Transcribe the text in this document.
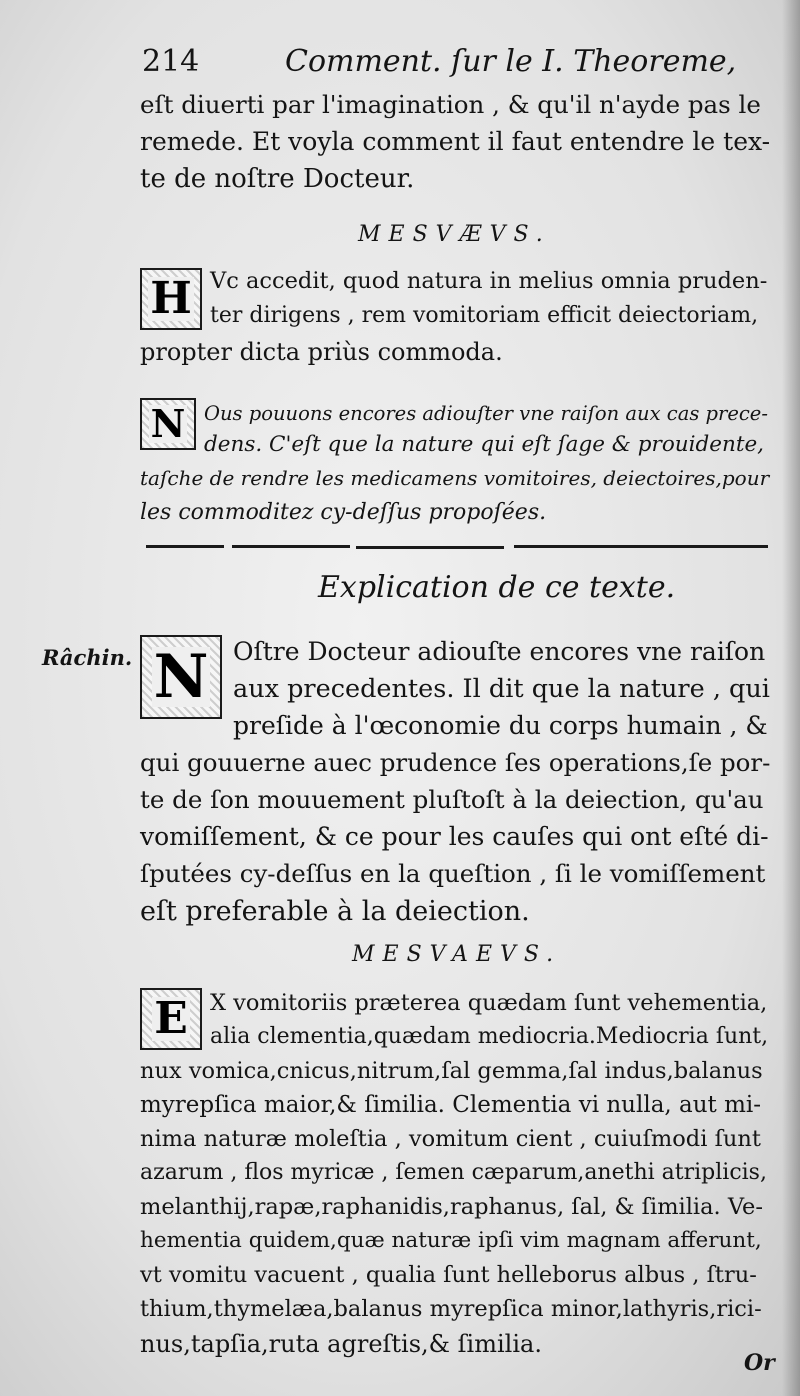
214	Comment. ſur le I. Theoreme,
eſt diuerti par l'imagination , & qu'il n'ayde pas le
remede. Et voyla comment il faut entendre le tex-
te de noſtre Docteur.
MESVÆVS.
H Vc accedit, quod natura in melius omnia pruden-
ter dirigens , rem vomitoriam efficit deiectoriam,
propter dicta priùs commoda.
N Ous pouuons encores adiouſter vne raiſon aux cas prece-
dens. C'eſt que la nature qui eſt ſage & prouidente,
taſche de rendre les medicamens vomitoires, deiectoires,pour
les commoditez cy-deſſus propoſées.
Explication de ce texte.
Râchin. N Oſtre Docteur adiouſte encores vne raiſon
aux precedentes. Il dit que la nature , qui
preſide à l'œconomie du corps humain , &
qui gouuerne auec prudence ſes operations,ſe por-
te de ſon mouuement pluſtoſt à la deiection, qu'au
vomiſſement, & ce pour les cauſes qui ont eſté di-
ſputées cy-deſſus en la queſtion , ſi le vomiſſement
eſt preferable à la deiection.
MESVAEVS.
E X vomitoriis præterea quædam ſunt vehementia,
alia clementia,quædam mediocria.Mediocria ſunt,
nux vomica,cnicus,nitrum,ſal gemma,ſal indus,balanus
myrepſica maior,& ſimilia. Clementia vi nulla, aut mi-
nima naturæ moleſtia , vomitum cient , cuiuſmodi ſunt
azarum , flos myricæ , ſemen cæparum,anethi atriplicis,
melanthij,rapæ,raphanidis,raphanus, ſal, & ſimilia. Ve-
hementia quidem,quæ naturæ ipſi vim magnam afferunt,
vt vomitu vacuent , qualia ſunt helleborus albus , ſtru-
thium,thymelæa,balanus myrepſica minor,lathyris,rici-
nus,tapſia,ruta agreſtis,& ſimilia.
Or
